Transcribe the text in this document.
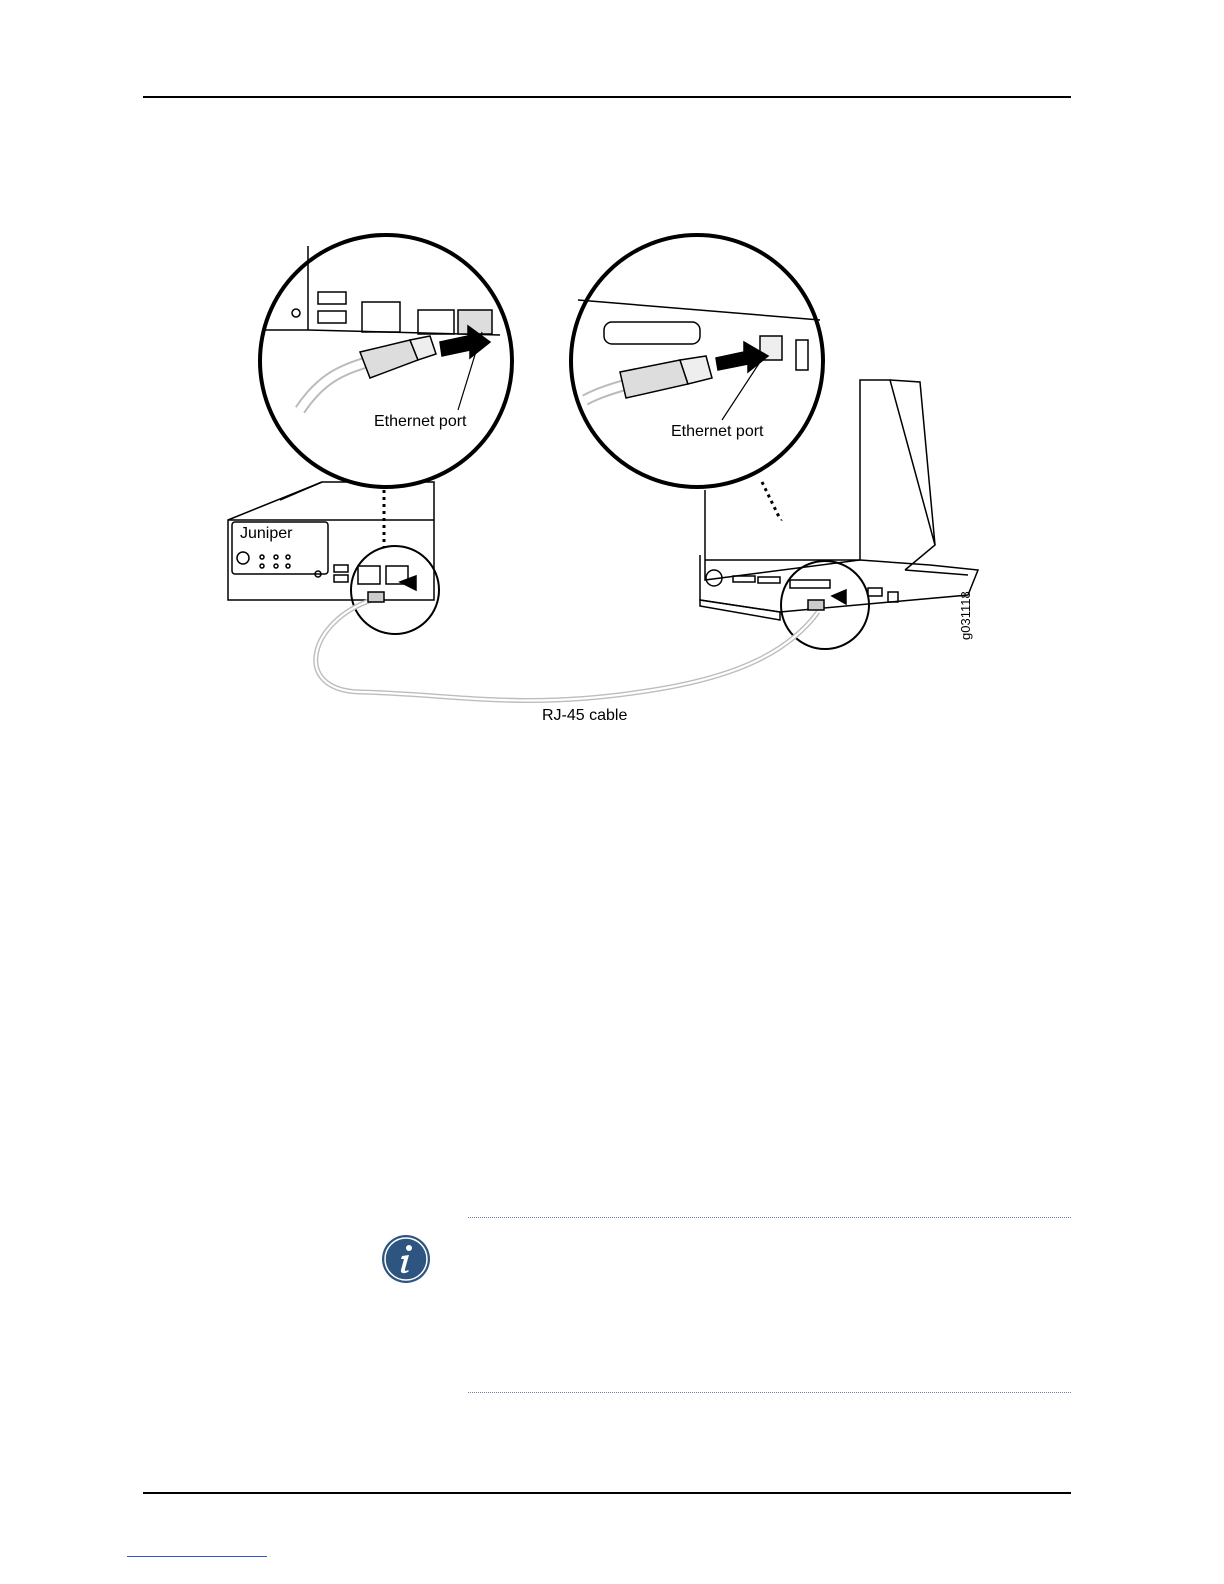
Juniper
Ethernet port
Ethernet port
RJ-45 cable
g031118
